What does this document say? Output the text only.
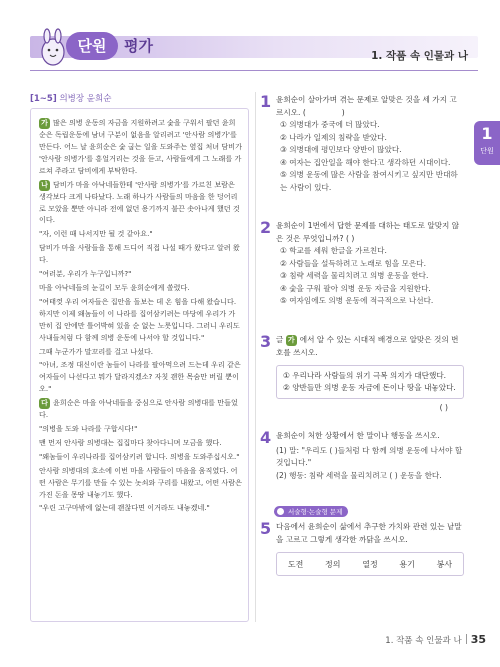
단원	평가
1. 작품 속 인물과 나
1
단원
[1~5] 의병장 윤희순

가 많은 의병 운동의 자금을 지원하려고 숯을 구워서 팔던 윤희순은 독립운동에 남녀 구분이 없음을 알리려고 '안사람 의병가'를 만든다. 어느 날 윤희순은 숯 굽는 일을 도와주는 옆집 처녀 담비가 '안사람 의병가'를 흥얼거리는 것을 듣고, 사람들에게 그 노래를 가르쳐 주라고 담비에게 부탁한다.

나 담비가 마을 아낙네들한테 '안사람 의병가'를 가르친 보람은 생각보다 크게 나타났다. 노래 하나가 사람들의 마음을 한 덩어리로 모았을 뿐만 아니라 전에 없던 용기까지 불끈 솟아나게 했던 것이다.

"자, 이런 때 나서지만 될 것 같아요."

담비가 마을 사람들을 통해 드디어 직접 나설 때가 왔다고 알려 왔다.

"여러분, 우리가 누구입니까?"

마을 아낙네들의 눈길이 모두 윤희순에게 쏠렸다.

"여태껏 우리 여자들은 집안을 돌보는 데 온 힘을 다해 왔습니다. 하지만 이제 왜놈들이 이 나라를 집어삼키려는 마당에 우리가 가만히 집 안에만 틀어박혀 있을 순 없는 노릇입니다. 그러니 우리도 사내들처럼 다 함께 의병 운동에 나서야 할 것입니다."

그때 누군가가 말꼬리를 걸고 나섰다.

"아녀, 조정 대신이란 놈들이 나라를 팔아먹으려 드는데 우리 같은 여자들이 나선다고 뭐가 달라지겠소? 자칫 괜한 목숨만 버릴 뿐이오."

다 윤희순은 마을 아낙네들을 중심으로 안사람 의병대를 만들었다.

"의병을 도와 나라를 구합시다!"

맨 먼저 안사람 의병대는 집집마다 찾아다니며 모금을 했다.

"왜놈들이 우리나라를 집어삼키려 합니다. 의병을 도와주십시오."

안사람 의병대의 호소에 이번 마을 사람들이 마음을 움직였다. 어떤 사람은 무기를 만들 수 있는 놋쇠와 구리를 내왔고, 어떤 사람은 가진 돈을 몽땅 내놓기도 했다.

"우린 고구마밖에 없는데 괜찮다면 이거라도 내놓겠네."

1 윤희순이 살아가며 겪는 문제로 알맞은 것을 세 가지 고르시오. (	)
① 의병대가 중국에 더 많았다.
② 나라가 일제의 침략을 받았다.
③ 의병대에 평민보다 양반이 많았다.
④ 여자는 집안일을 해야 한다고 생각하던 시대이다.
⑤ 의병 운동에 많은 사람을 참여시키고 싶지만 반대하는 사람이 있다.
2 윤희순이 1번에서 답한 문제를 대하는 태도로 알맞지 않은 것은 무엇입니까? ( )
① 학교를 세워 한글을 가르친다.
② 사람들을 설득하려고 노래로 힘을 모은다.
③ 침략 세력을 물리치려고 의병 운동을 한다.
④ 숯을 구워 팔아 의병 운동 자금을 지원한다.
⑤ 여자임에도 의병 운동에 적극적으로 나선다.
3 글 가 에서 알 수 있는 시대적 배경으로 알맞은 것의 번호를 쓰시오.
① 우리나라 사람들의 위기 극복 의지가 대단했다.
② 양반들만 의병 운동 자금에 돈이나 땅을 내놓았다.
( )
4 윤희순이 처한 상황에서 한 말이나 행동을 쓰시오.
(1) 말: "우리도 ( )들처럼 다 함께 의병 운동에 나서야 할 것입니다."
(2) 행동: 침략 세력을 물리치려고 ( ) 운동을 한다.
서술형·논술형 문제
5 다음에서 윤희순이 삶에서 추구한 가치와 관련 있는 낱말을 고르고 그렇게 생각한 까닭을 쓰시오.
도전	정의	열정	용기	봉사
1. 작품 속 인물과 나 35
